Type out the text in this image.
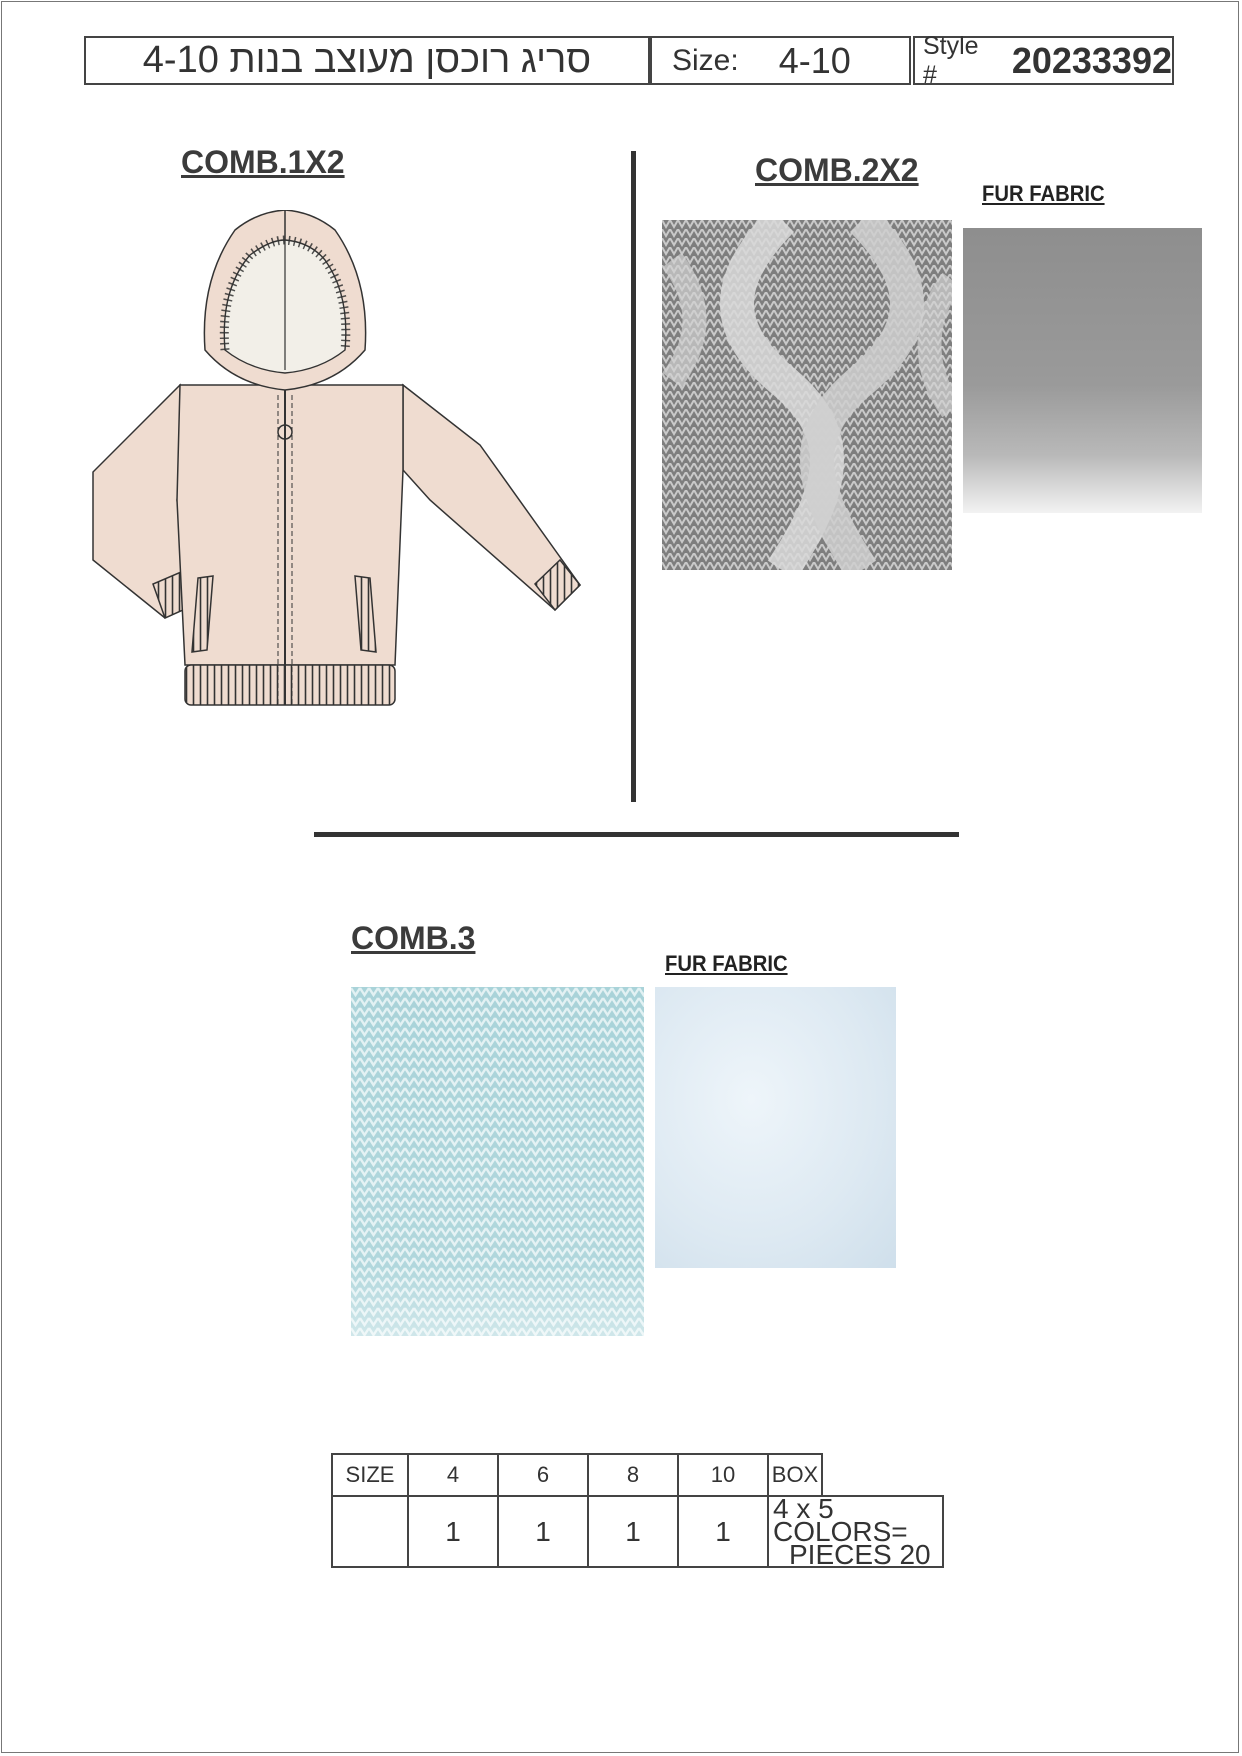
סריג רוכסן מעוצב בנות 4-10	Size: 4-10	Style #	20233392
COMB.1X2	COMB.2X2
FUR FABRIC
COMB.3
FUR FABRIC
SIZE	4	6	8	10	BOX	
	1	1	1	1	4 x 5 COLORS=
PIECES 20	
